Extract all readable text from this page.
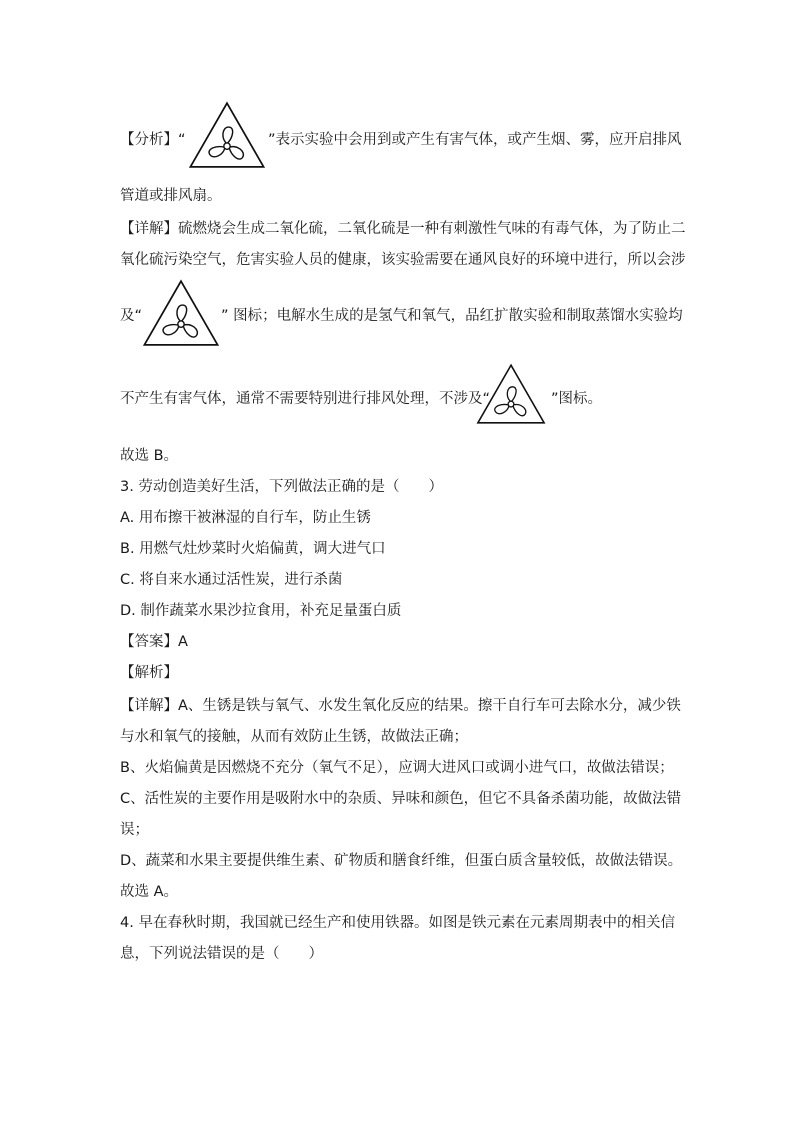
【分析】“	”表示实验中会用到或产生有害气体，或产生烟、雾，应开启排风
管道或排风扇。
【详解】硫燃烧会生成二氧化硫，二氧化硫是一种有刺激性气味的有毒气体，为了防止二
氧化硫污染空气，危害实验人员的健康，该实验需要在通风良好的环境中进行，所以会涉
及“	” 图标；电解水生成的是氢气和氧气，品红扩散实验和制取蒸馏水实验均
不产生有害气体，通常不需要特别进行排风处理，不涉及“	”图标。
故选 B。
3. 劳动创造美好生活，下列做法正确的是（　　）
A. 用布擦干被淋湿的自行车，防止生锈
B. 用燃气灶炒菜时火焰偏黄，调大进气口
C. 将自来水通过活性炭，进行杀菌
D. 制作蔬菜水果沙拉食用，补充足量蛋白质
【答案】A
【解析】
【详解】A、生锈是铁与氧气、水发生氧化反应的结果。擦干自行车可去除水分，减少铁
与水和氧气的接触，从而有效防止生锈，故做法正确；
B、火焰偏黄是因燃烧不充分（氧气不足），应调大进风口或调小进气口，故做法错误；
C、活性炭的主要作用是吸附水中的杂质、异味和颜色，但它不具备杀菌功能，故做法错
误；
D、蔬菜和水果主要提供维生素、矿物质和膳食纤维，但蛋白质含量较低，故做法错误。
故选 A。
4. 早在春秋时期，我国就已经生产和使用铁器。如图是铁元素在元素周期表中的相关信
息，下列说法错误的是（　　）
